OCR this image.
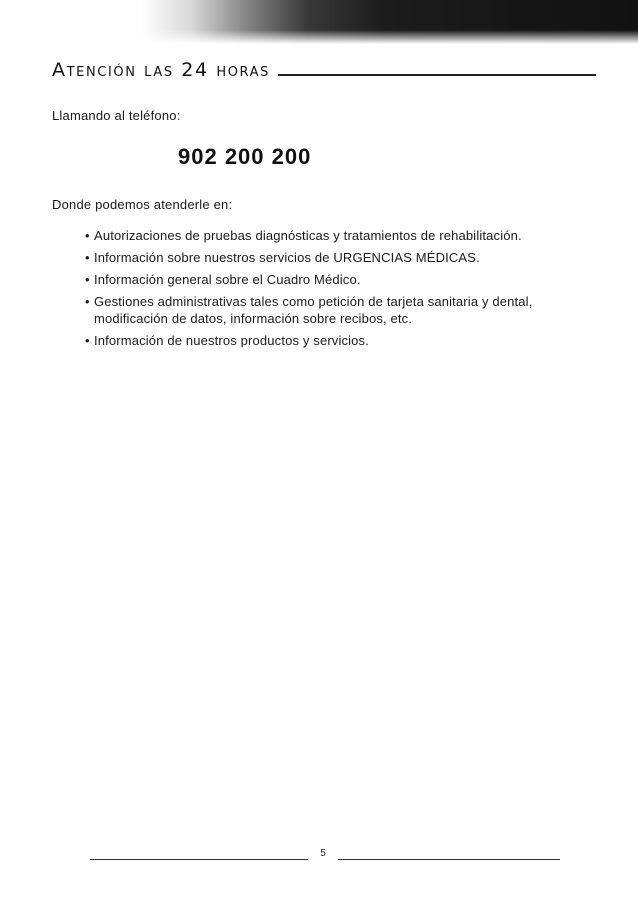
Atención las 24 horas

Llamando al teléfono:

902 200 200

Donde podemos atenderle en:

• Autorizaciones de pruebas diagnósticas y tratamientos de rehabilitación.
• Información sobre nuestros servicios de URGENCIAS MÉDICAS.
• Información general sobre el Cuadro Médico.
• Gestiones administrativas tales como petición de tarjeta sanitaria y dental, modificación de datos, información sobre recibos, etc.
• Información de nuestros productos y servicios.
5
